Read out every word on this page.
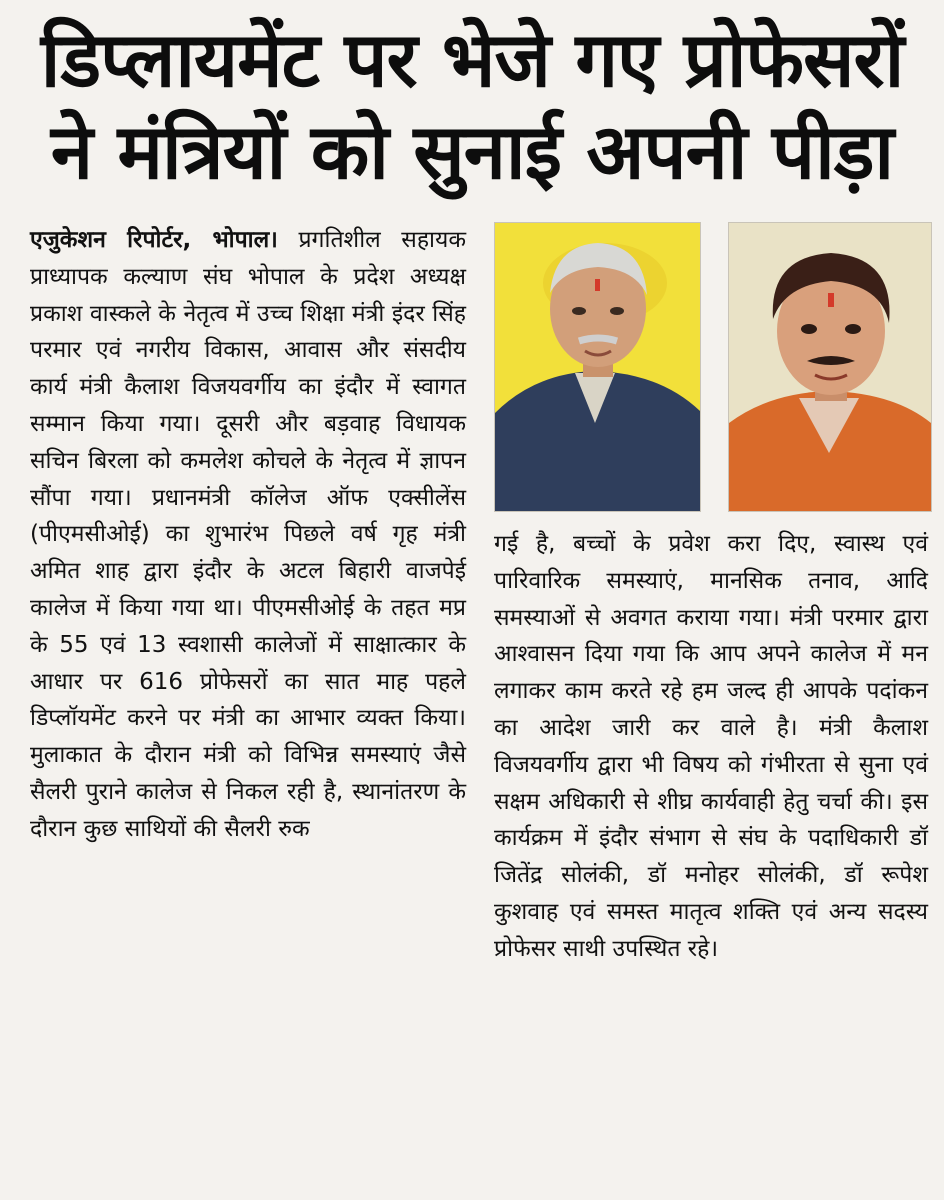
डिप्लायमेंट पर भेजे गए प्रोफेसरों
ने मंत्रियों को सुनाई अपनी पीड़ा

एजुकेशन रिपोर्टर, भोपाल। प्रगतिशील सहायक प्राध्यापक कल्याण संघ भोपाल के प्रदेश अध्यक्ष प्रकाश वास्कले के नेतृत्व में उच्च शिक्षा मंत्री इंदर सिंह परमार एवं नगरीय विकास, आवास और संसदीय कार्य मंत्री कैलाश विजयवर्गीय का इंदौर में स्वागत सम्मान किया गया। दूसरी और बड़वाह विधायक सचिन बिरला को कमलेश कोचले के नेतृत्व में ज्ञापन सौंपा गया। प्रधानमंत्री कॉलेज ऑफ एक्सीलेंस (पीएमसीओई) का शुभारंभ पिछले वर्ष गृह मंत्री अमित शाह द्वारा इंदौर के अटल बिहारी वाजपेई कालेज में किया गया था। पीएमसीओई के तहत मप्र के 55 एवं 13 स्वशासी कालेजों में साक्षात्कार के आधार पर 616 प्रोफेसरों का सात माह पहले डिप्लॉयमेंट करने पर मंत्री का आभार व्यक्त किया। मुलाकात के दौरान मंत्री को विभिन्न समस्याएं जैसे सैलरी पुराने कालेज से निकल रही है, स्थानांतरण के दौरान कुछ साथियों की सैलरी रुक

गई है, बच्चों के प्रवेश करा दिए, स्वास्थ एवं पारिवारिक समस्याएं, मानसिक तनाव, आदि समस्याओं से अवगत कराया गया। मंत्री परमार द्वारा आश्वासन दिया गया कि आप अपने कालेज में मन लगाकर काम करते रहे हम जल्द ही आपके पदांकन का आदेश जारी कर वाले है। मंत्री कैलाश विजयवर्गीय द्वारा भी विषय को गंभीरता से सुना एवं सक्षम अधिकारी से शीघ्र कार्यवाही हेतु चर्चा की। इस कार्यक्रम में इंदौर संभाग से संघ के पदाधिकारी डॉ जितेंद्र सोलंकी, डॉ मनोहर सोलंकी, डॉ रूपेश कुशवाह एवं समस्त मातृत्व शक्ति एवं अन्य सदस्य प्रोफेसर साथी उपस्थित रहे।
